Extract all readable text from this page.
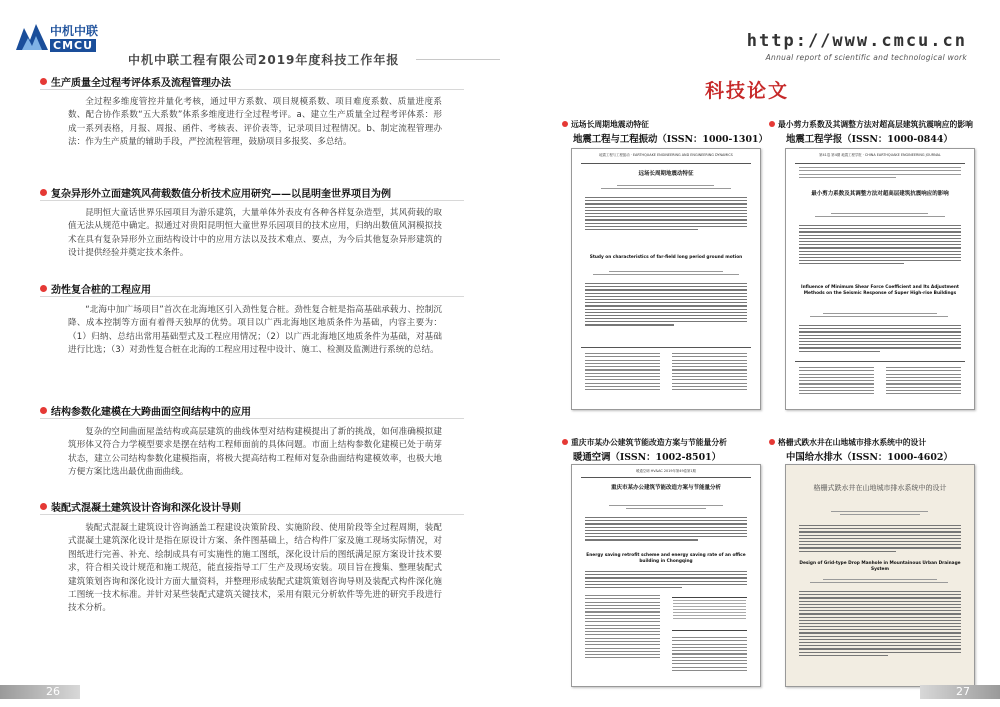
中机中联
CMCU
中机中联工程有限公司2019年度科技工作年报
生产质量全过程考评体系及流程管理办法
全过程多维度管控并量化考核，通过甲方系数、项目规模系数、项目难度系数、质量进度系数、配合协作系数“五大系数”体系多维度进行全过程考评。a、建立生产质量全过程考评体系：形成一系列表格，月报、周报、函件、考核表、评价表等，记录项目过程情况。b、制定流程管理办法：作为生产质量的辅助手段，严控流程管理，鼓励项目多报奖、多总结。
复杂异形外立面建筑风荷载数值分析技术应用研究——以昆明奎世界项目为例
昆明恒大童话世界乐园项目为游乐建筑，大量单体外表皮有各种各样复杂造型，其风荷载的取值无法从规范中确定。拟通过对贵阳昆明恒大童世界乐园项目的技术应用，归纳出数值风洞模拟技术在具有复杂异形外立面结构设计中的应用方法以及技术难点、要点，为今后其他复杂异形建筑的设计提供经验并奠定技术条件。
劲性复合桩的工程应用
“北海中加广场项目”首次在北海地区引入劲性复合桩。劲性复合桩是指高基础承载力、控制沉降、成本控制等方面有着得天独厚的优势。项目以广西北海地区地质条件为基础，内容主要为：（1）归纳、总结出常用基础型式及工程应用情况；（2）以广西北海地区地质条件为基础，对基础进行比选；（3）对劲性复合桩在北海的工程应用过程中设计、施工、检测及监测进行系统的总结。
结构参数化建模在大跨曲面空间结构中的应用
复杂的空间曲面屋盖结构或高层建筑的曲线体型对结构建模提出了新的挑战，如何准确模拟建筑形体又符合力学模型要求是摆在结构工程师面前的具体问题。市面上结构参数化建模已处于萌芽状态，建立公司结构参数化建模指南，将极大提高结构工程师对复杂曲面结构建模效率，也极大地方便方案比选出最优曲面曲线。
装配式混凝土建筑设计咨询和深化设计导则
装配式混凝土建筑设计咨询涵盖工程建设决策阶段、实施阶段、使用阶段等全过程周期，装配式混凝土建筑深化设计是指在原设计方案、条件图基础上，结合构件厂家及施工现场实际情况，对图纸进行完善、补充、绘制成具有可实施性的施工图纸，深化设计后的图纸满足原方案设计技术要求，符合相关设计规范和施工规范，能直接指导工厂生产及现场安装。项目旨在搜集、整理装配式建筑策划咨询和深化设计方面大量资料，并整理形成装配式建筑策划咨询导则及装配式构件深化施工图统一技术标准。并针对某些装配式建筑关键技术，采用有限元分析软件等先进的研究手段进行技术分析。
26
http://www.cmcu.cn
Annual report of scientific and technological work
科技论文
远场长周期地震动特征
地震工程与工程振动（ISSN：1000-1301）
地震工程与工程振动 · EARTHQUAKE ENGINEERING AND ENGINEERING DYNAMICS
远场长周期地震动特征
Study on characteristics of far-field long period ground motion
最小剪力系数及其调整方法对超高层建筑抗震响应的影响
地震工程学报（ISSN：1000-0844）
第41卷 第4期 地震工程学报 · CHINA EARTHQUAKE ENGINEERING JOURNAL
最小剪力系数及其调整方法对超高层建筑抗震响应的影响
Influence of Minimum Shear Force Coefficient and Its Adjustment Methods on the Seismic Response of Super High-rise Buildings
重庆市某办公建筑节能改造方案与节能量分析
暖通空调（ISSN：1002-8501）
暖通空调 HV&AC 2019年第49卷第1期
重庆市某办公建筑节能改造方案与节能量分析
Energy saving retrofit scheme and energy saving rate of an office building in Chongqing
格栅式跌水井在山地城市排水系统中的设计
中国给水排水（ISSN：1000-4602）
格栅式跌水井在山地城市排水系统中的设计
Design of Grid-type Drop Manhole in Mountainous Urban Drainage System
27
